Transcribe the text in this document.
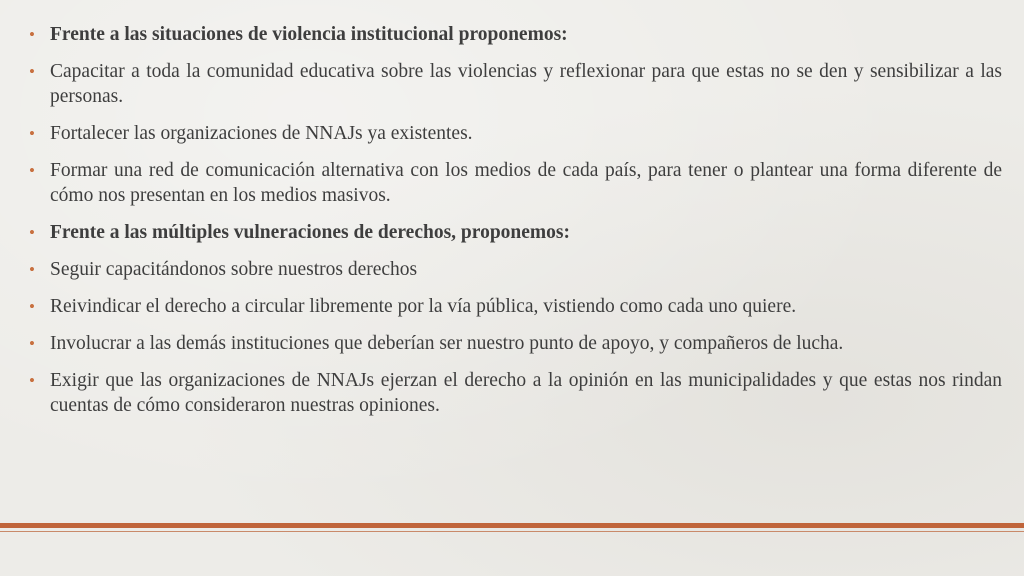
• Frente a las situaciones de violencia institucional proponemos:
• Capacitar a toda la comunidad educativa sobre las violencias y reflexionar para que estas no se den y sensibilizar a las personas.
• Fortalecer las organizaciones de NNAJs ya existentes.
• Formar una red de comunicación alternativa con los medios de cada país, para tener o plantear una forma diferente de cómo nos presentan en los medios masivos.
• Frente a las múltiples vulneraciones de derechos, proponemos:
• Seguir capacitándonos sobre nuestros derechos
• Reivindicar el derecho a circular libremente por la vía pública, vistiendo como cada uno quiere.
• Involucrar a las demás instituciones que deberían ser nuestro punto de apoyo, y compañeros de lucha.
• Exigir que las organizaciones de NNAJs ejerzan el derecho a la opinión en las municipalidades y que estas nos rindan cuentas de cómo consideraron nuestras opiniones.
